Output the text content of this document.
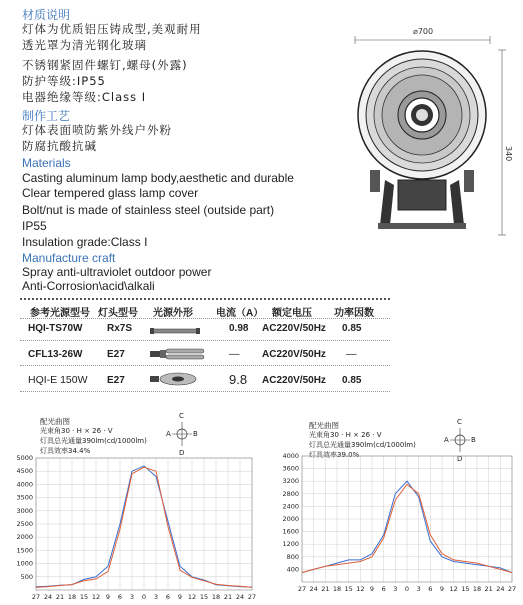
材质说明
灯体为优质铝压铸成型,美观耐用
透光罩为清光钢化玻璃
不锈钢紧固件螺钉,螺母(外露)
防护等级:IP55
电器绝缘等级:Class I
制作工艺
灯体表面喷防紫外线户外粉
防腐抗酸抗碱
Materials
Casting aluminum lamp body,aesthetic and durable
Clear tempered glass lamp cover
Bolt/nut is made of stainless steel (outside part)
IP55
Insulation grade:Class I
Manufacture craft
Spray anti-ultraviolet outdoor power
Anti-Corrosion\acid\alkali
⌀700
340
参考光源型号 灯头型号 光源外形 电流（A） 额定电压 功率因数
HQI-TS70W Rx7S	0.98 AC220V/50Hz 0.85
CFL13-26W E27	— AC220V/50Hz —
HQI-E 150W E27	9.8 AC220V/50Hz 0.85
配光曲图
光束角30 · H × 26 · V
灯具总光通量390lm(cd/1000lm)
灯具效率34.4%
C
D
A	B
500
1000
1500
2000
2500
3000
3500
4000
4500
5000
27 24 21 18 15 12 9 6 3 0 3 6 9 12 15 18 21 24 27
配光曲图
光束角30 · H × 26 · V
灯具总光通量390lm(cd/1000lm)
灯具效率39.0%
C
D
A	B
400
800
1200
1600
2000
2400
2800
3200
3600
4000
27 24 21 18 15 12 9 6 3 0 3 6 9 12 15 18 21 24 27
